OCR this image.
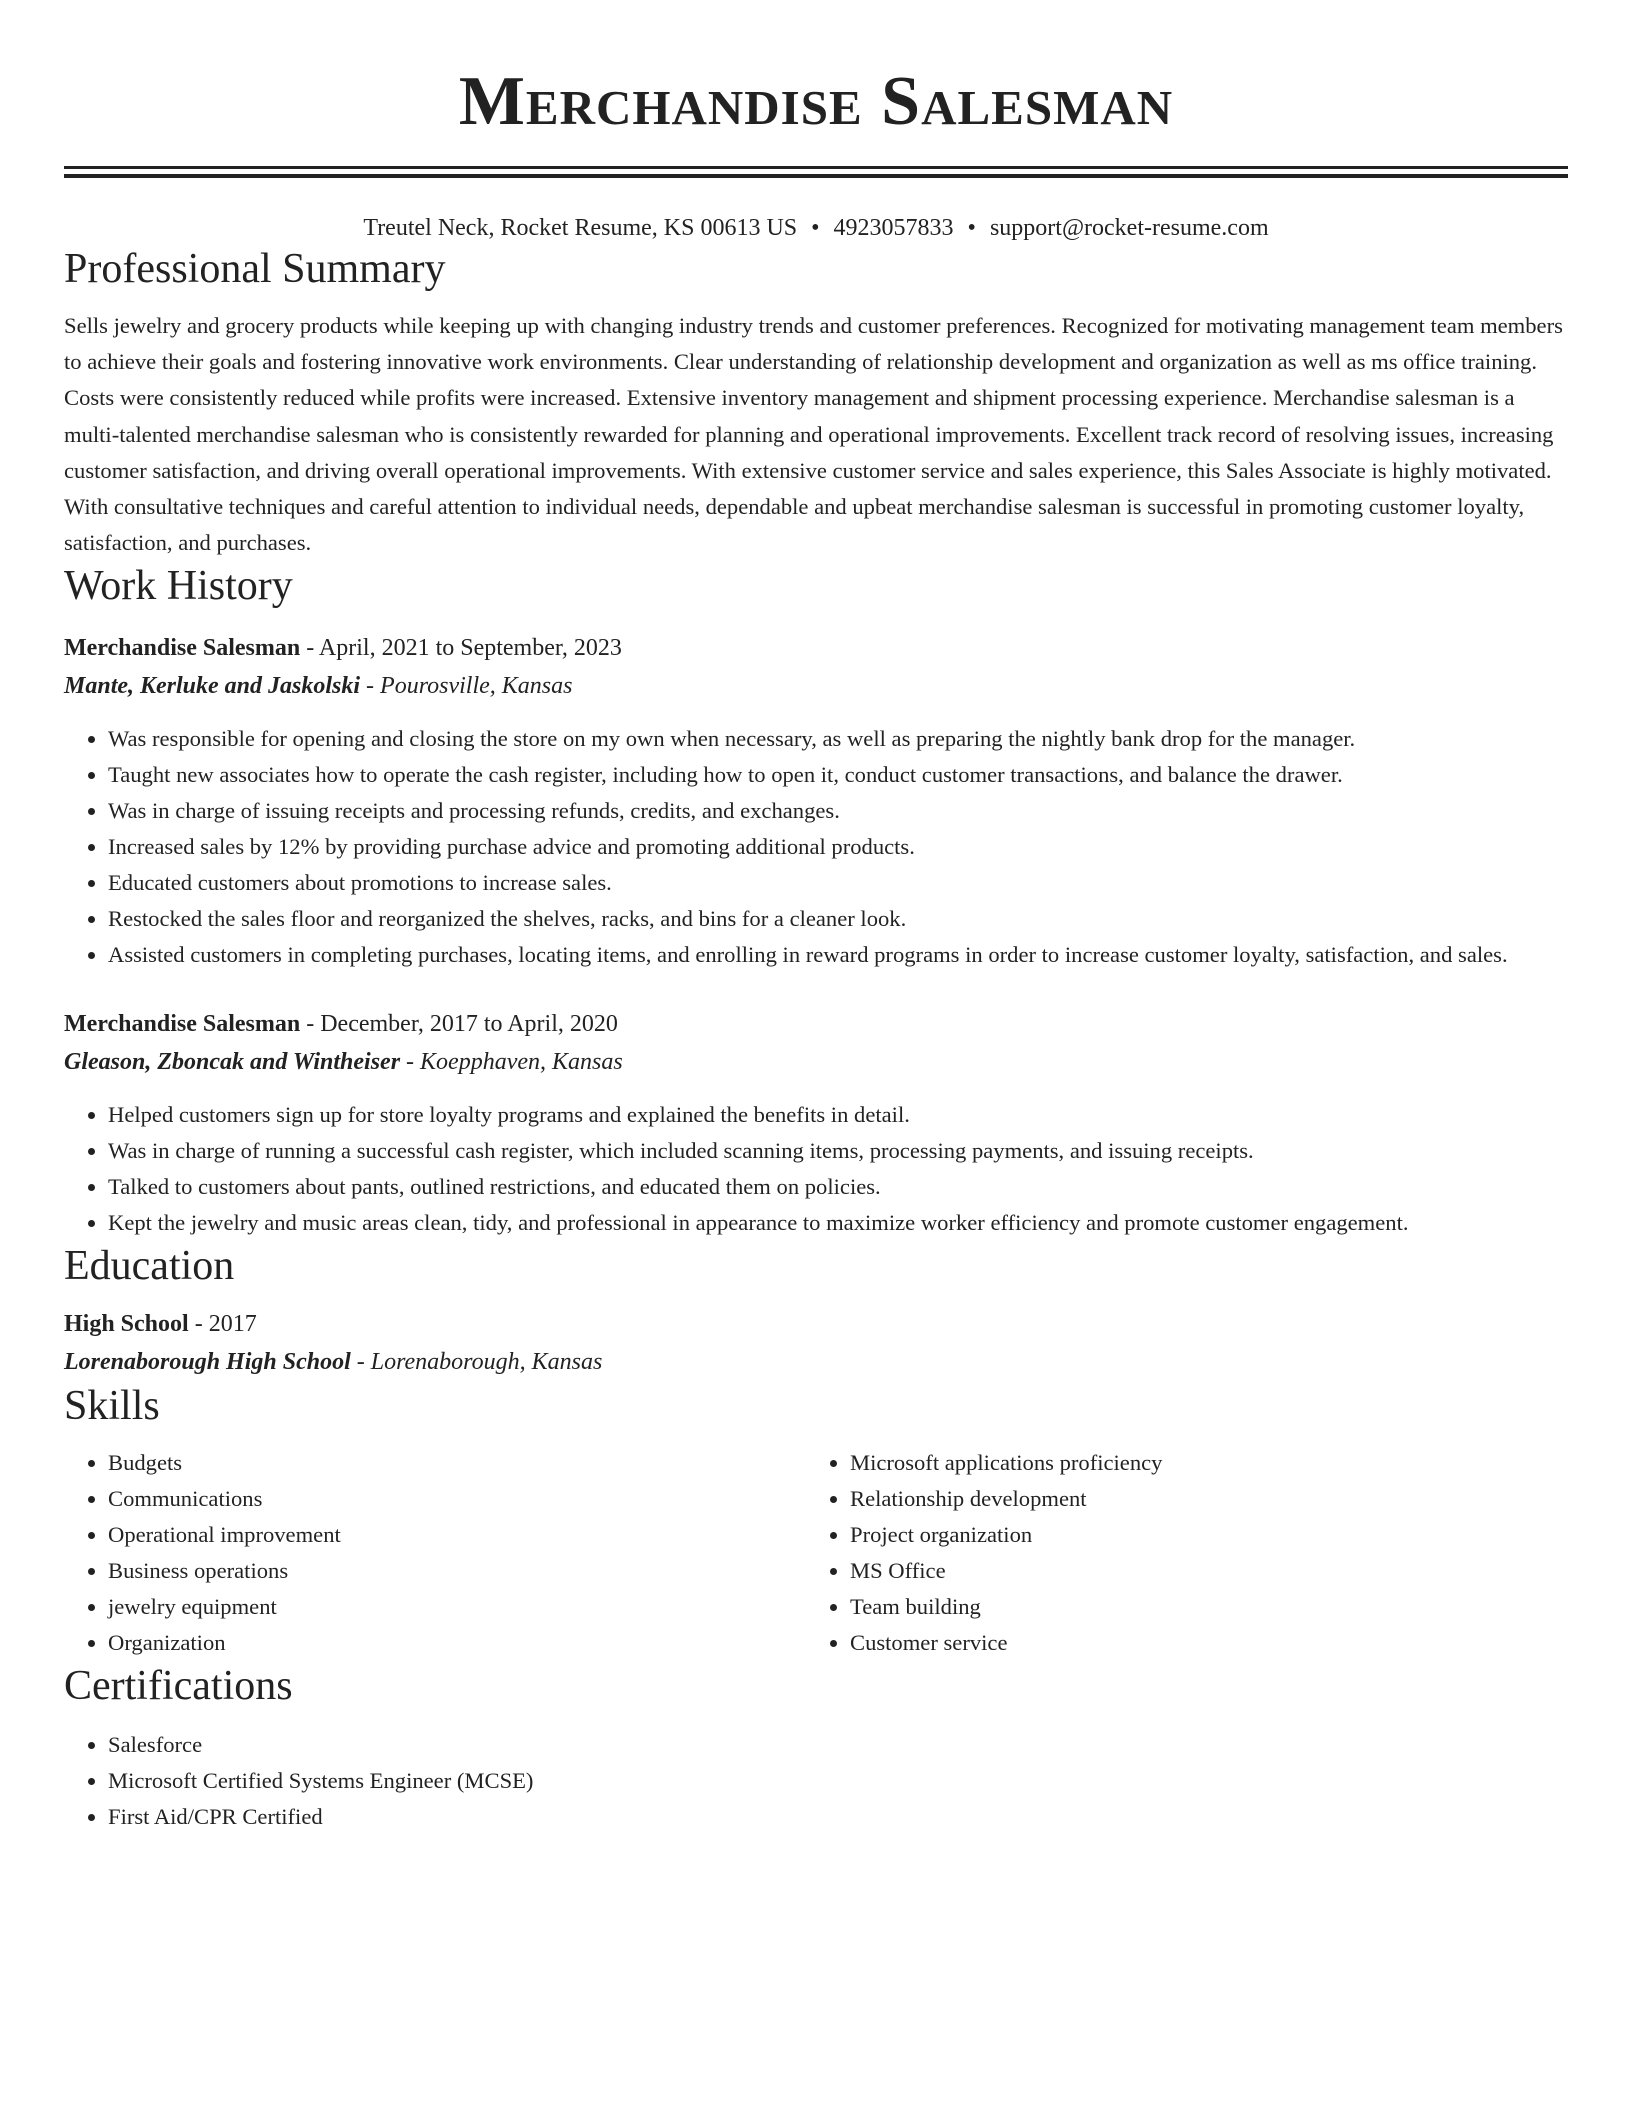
Merchandise Salesman
Treutel Neck, Rocket Resume, KS 00613 US • 4923057833 • support@rocket-resume.com
Professional Summary

Sells jewelry and grocery products while keeping up with changing industry trends and customer preferences. Recognized for motivating management team members to achieve their goals and fostering innovative work environments. Clear understanding of relationship development and organization as well as ms office training. Costs were consistently reduced while profits were increased. Extensive inventory management and shipment processing experience. Merchandise salesman is a multi-talented merchandise salesman who is consistently rewarded for planning and operational improvements. Excellent track record of resolving issues, increasing customer satisfaction, and driving overall operational improvements. With extensive customer service and sales experience, this Sales Associate is highly motivated. With consultative techniques and careful attention to individual needs, dependable and upbeat merchandise salesman is successful in promoting customer loyalty, satisfaction, and purchases.

Work History
Merchandise Salesman - April, 2021 to September, 2023
Mante, Kerluke and Jaskolski - Pourosville, Kansas
• Was responsible for opening and closing the store on my own when necessary, as well as preparing the nightly bank drop for the manager.
• Taught new associates how to operate the cash register, including how to open it, conduct customer transactions, and balance the drawer.
• Was in charge of issuing receipts and processing refunds, credits, and exchanges.
• Increased sales by 12% by providing purchase advice and promoting additional products.
• Educated customers about promotions to increase sales.
• Restocked the sales floor and reorganized the shelves, racks, and bins for a cleaner look.
• Assisted customers in completing purchases, locating items, and enrolling in reward programs in order to increase customer loyalty, satisfaction, and sales.
Merchandise Salesman - December, 2017 to April, 2020
Gleason, Zboncak and Wintheiser - Koepphaven, Kansas
• Helped customers sign up for store loyalty programs and explained the benefits in detail.
• Was in charge of running a successful cash register, which included scanning items, processing payments, and issuing receipts.
• Talked to customers about pants, outlined restrictions, and educated them on policies.
• Kept the jewelry and music areas clean, tidy, and professional in appearance to maximize worker efficiency and promote customer engagement.
Education
High School - 2017
Lorenaborough High School - Lorenaborough, Kansas
Skills
• Budgets
• Communications
• Operational improvement
• Business operations
• jewelry equipment
• Organization
• Microsoft applications proficiency
• Relationship development
• Project organization
• MS Office
• Team building
• Customer service
Certifications
• Salesforce
• Microsoft Certified Systems Engineer (MCSE)
• First Aid/CPR Certified
